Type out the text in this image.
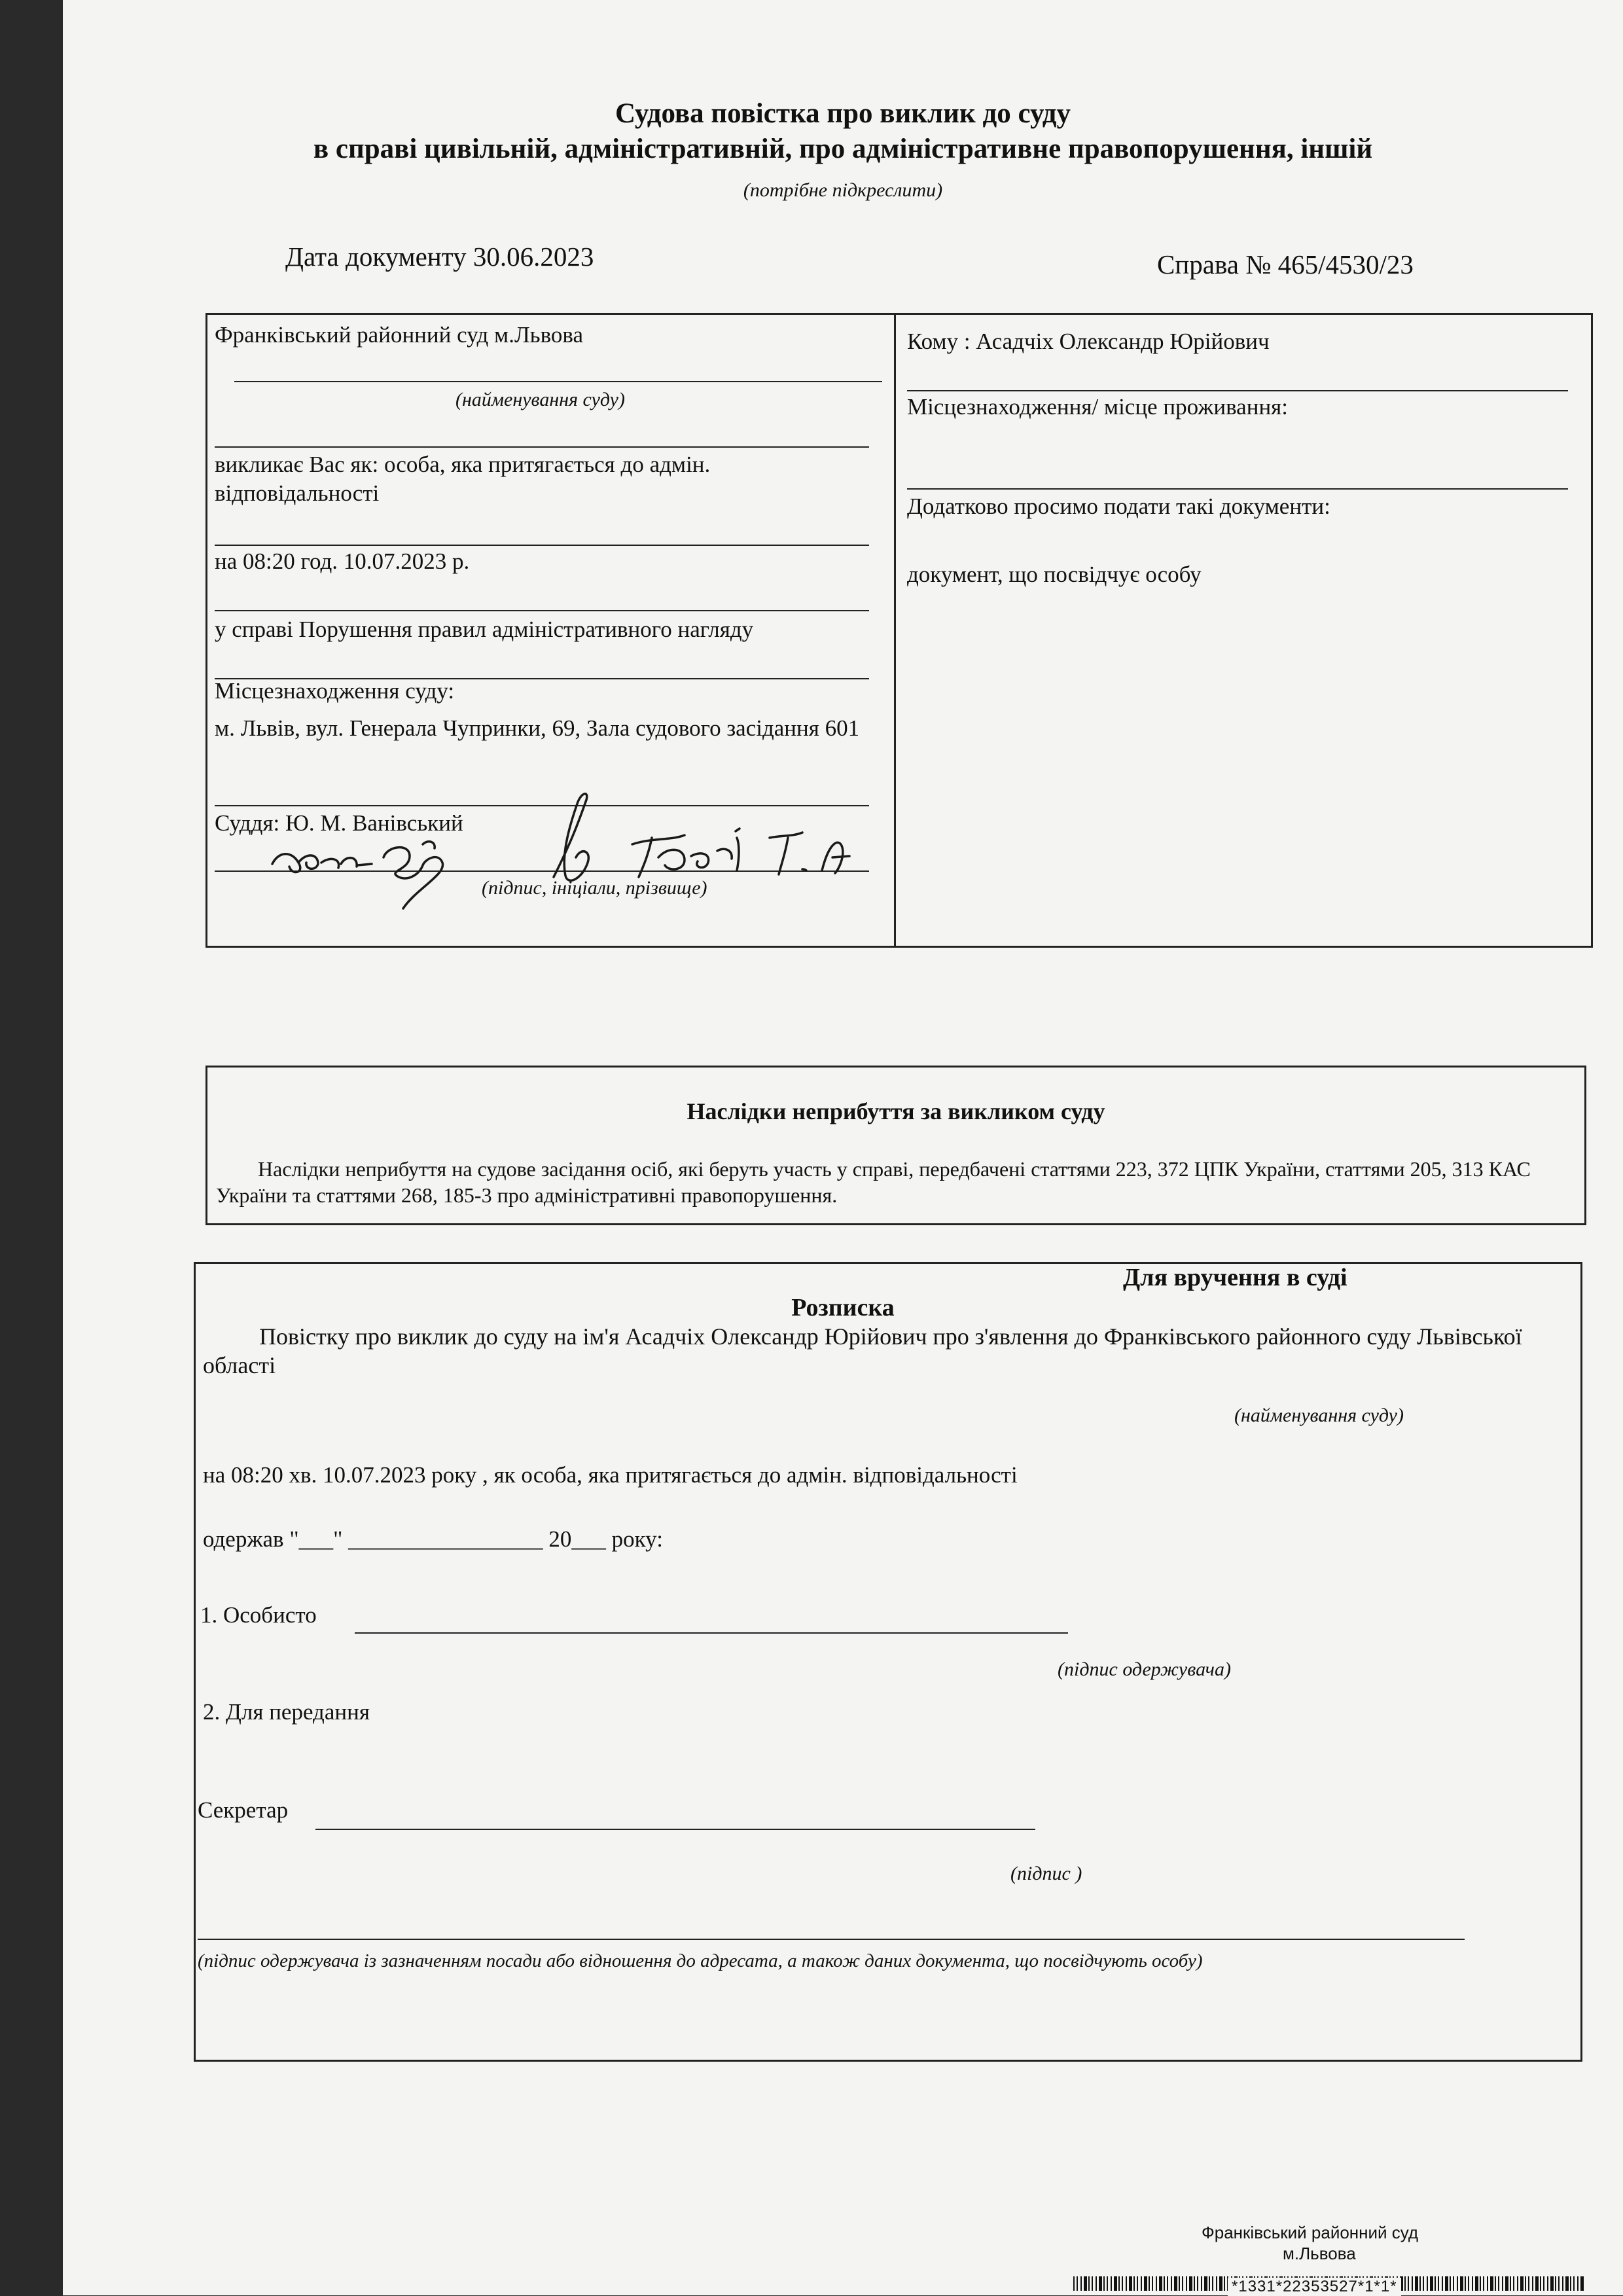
Судова повістка про виклик до суду
в справі цивільній, адміністративній, про адміністративне правопорушення, іншій
(потрібне підкреслити)
Дата документу 30.06.2023	Справа № 465/4530/23
Франківський районний суд м.Львова
(найменування суду)
викликає Вас як: особа, яка притягається до адмін. відповідальності
на 08:20 год. 10.07.2023 р.
у справі Порушення правил адміністративного нагляду
Місцезнаходження суду:
м. Львів, вул. Генерала Чупринки, 69, Зала судового засідання 601
Суддя: Ю. М. Ванівський
(підпис, ініціали, прізвище)
Кому : Асадчіх Олександр Юрійович
Місцезнаходження/ місце проживання:
Додатково просимо подати такі документи:
документ, що посвідчує особу
Наслідки неприбуття за викликом суду
Наслідки неприбуття на судове засідання осіб, які беруть участь у справі, передбачені статтями 223, 372 ЦПК України, статтями 205, 313 КАС України та статтями 268, 185-3 про адміністративні правопорушення.
Для вручення в суді
Розписка
Повістку про виклик до суду на ім'я Асадчіх Олександр Юрійович про з'явлення до Франківського районного суду Львівської області
(найменування суду)
на 08:20 хв. 10.07.2023 року , як особа, яка притягається до адмін. відповідальності
одержав "___" _________________ 20___ року:
1. Особисто
(підпис одержувача)
2. Для передання
Секретар
(підпис )
(підпис одержувача із зазначенням посади або відношення до адресата, а також даних документа, що посвідчують особу)
Франківський районний суд
м.Львова
*1331*22353527*1*1*
